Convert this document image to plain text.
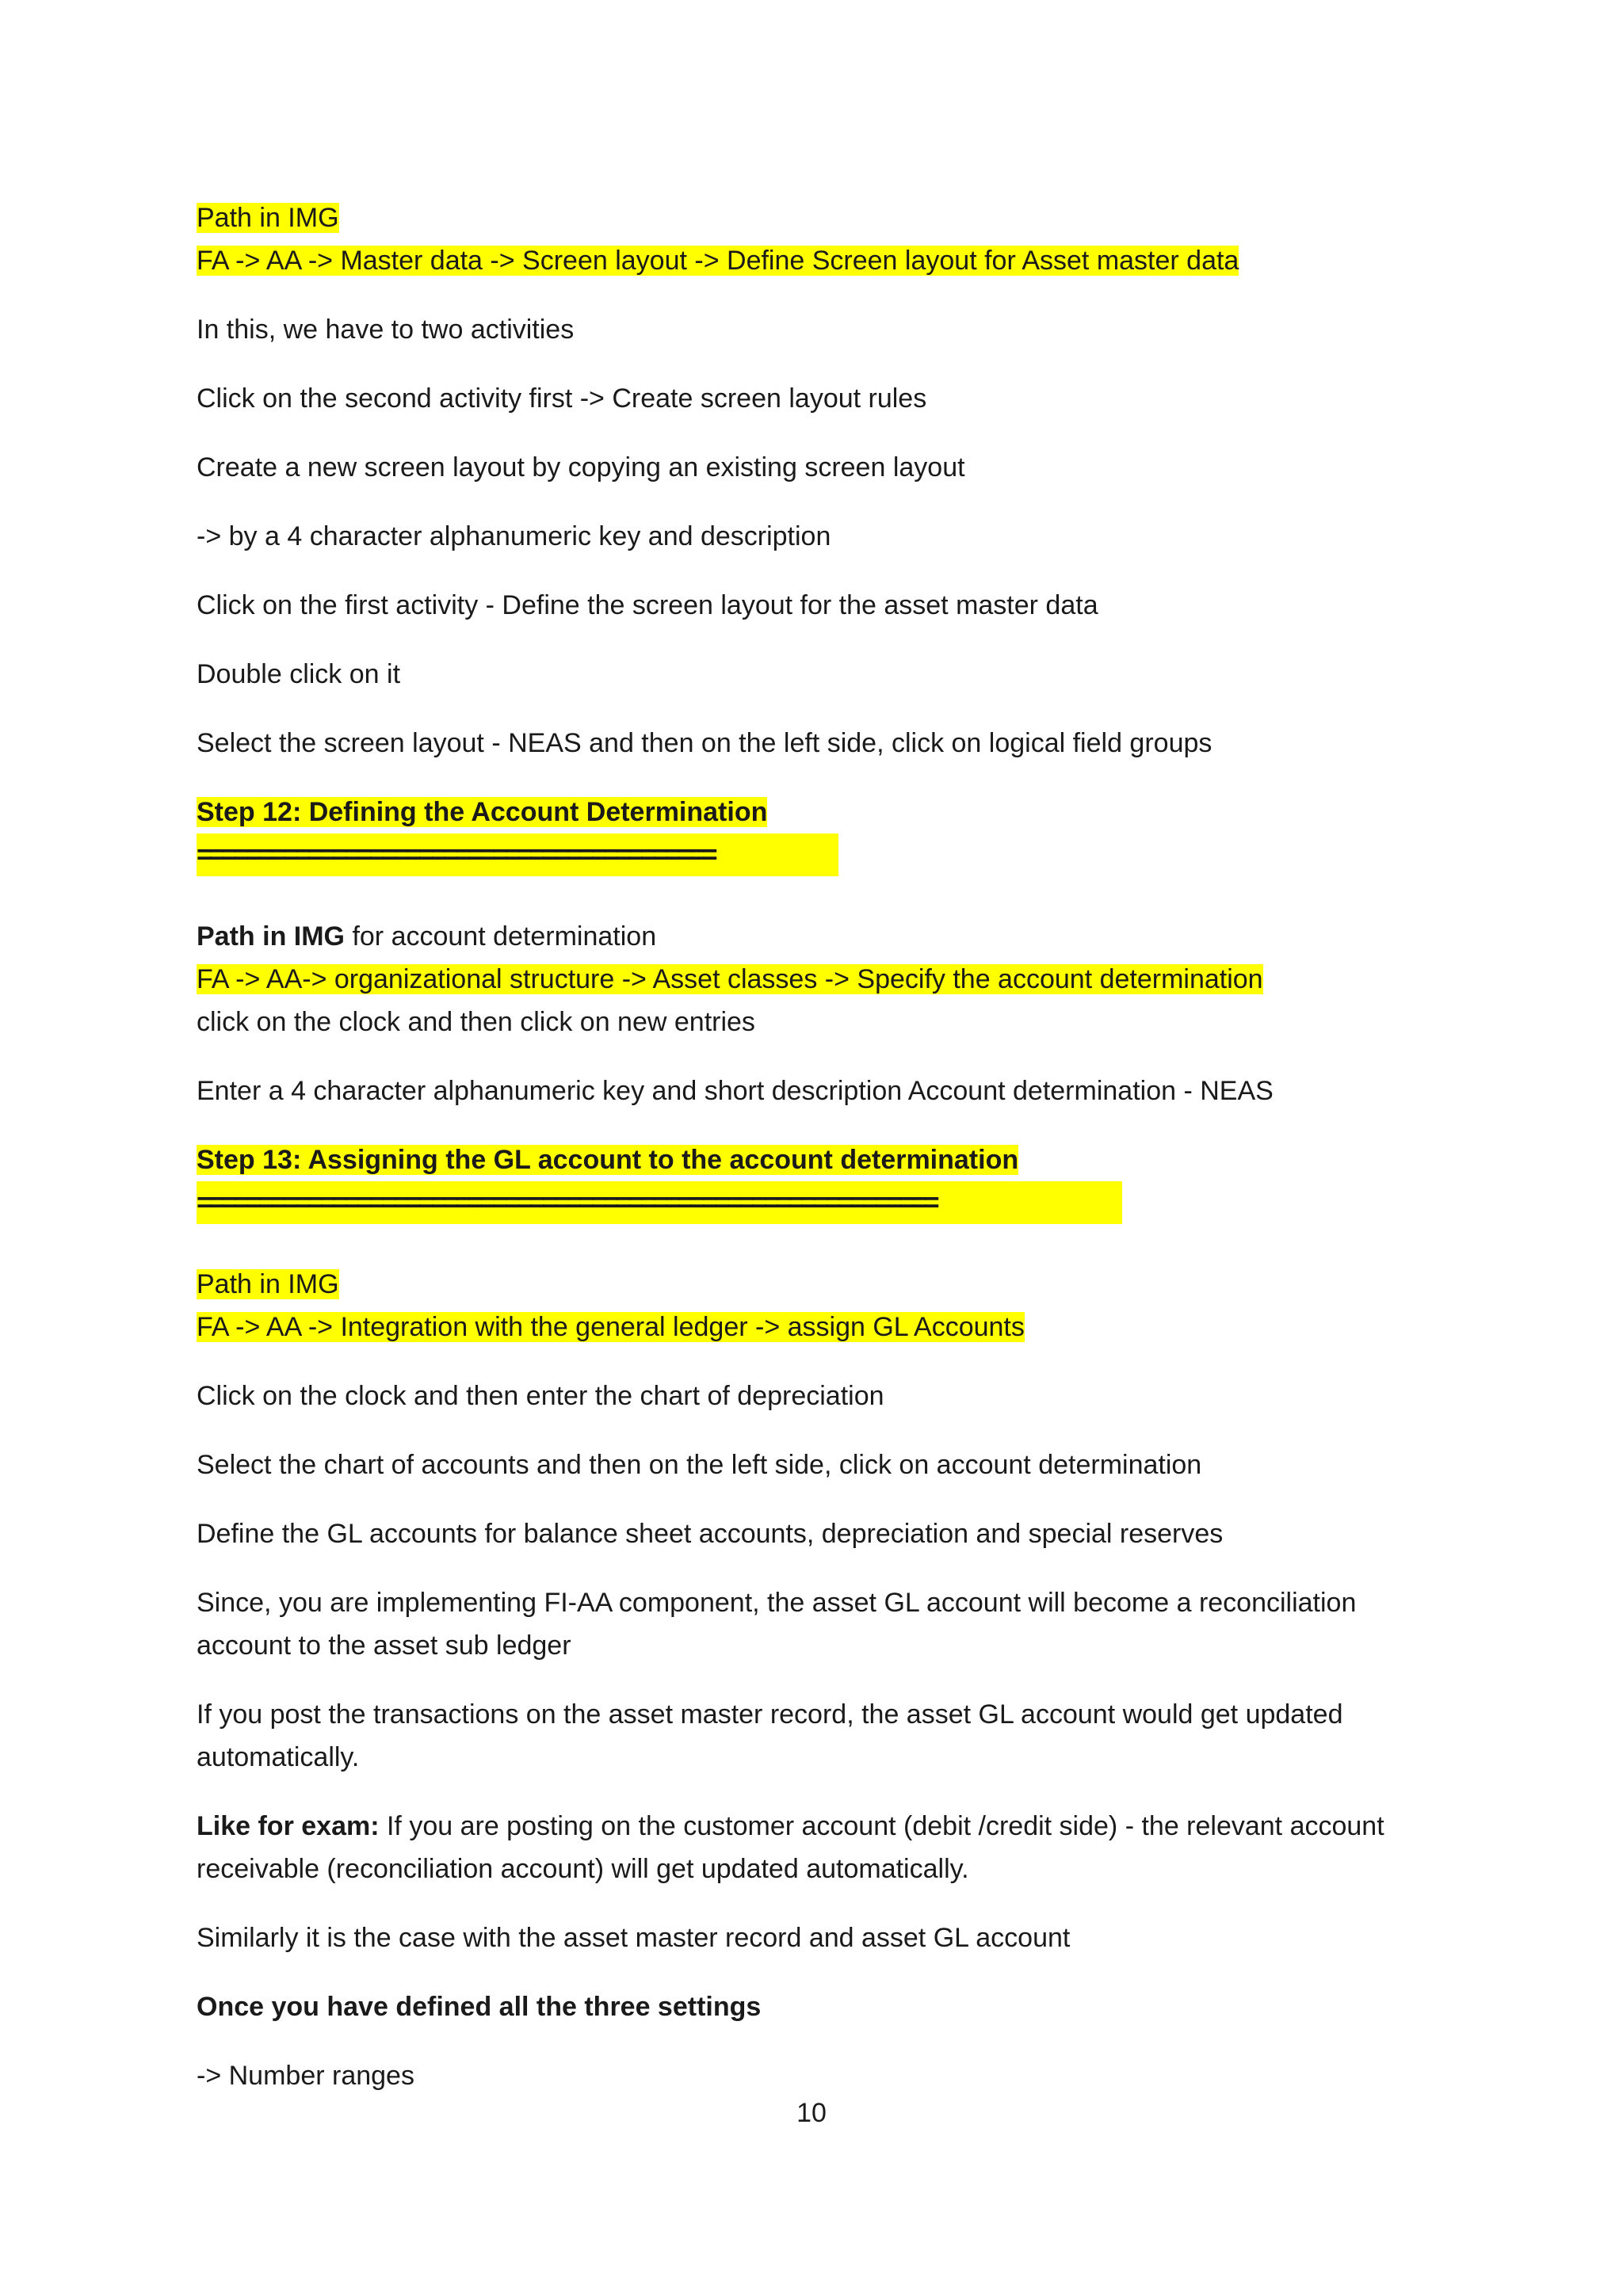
Path in IMG

FA -> AA -> Master data -> Screen layout -> Define Screen layout for Asset master data

In this, we have to two activities

Click on the second activity first -> Create screen layout rules

Create a new screen layout by copying an existing screen layout

-> by a 4 character alphanumeric key and description

Click on the first activity - Define the screen layout for the asset master data

Double click on it

Select the screen layout - NEAS and then on the left side, click on logical field groups

Step 12: Defining the Account Determination

==========================================

Path in IMG for account determination

FA -> AA-> organizational structure -> Asset classes -> Specify the account determination

click on the clock and then click on new entries

Enter a 4 character alphanumeric key and short description Account determination - NEAS

Step 13: Assigning the GL account to the account determination

============================================================

Path in IMG

FA -> AA -> Integration with the general ledger -> assign GL Accounts

Click on the clock and then enter the chart of depreciation

Select the chart of accounts and then on the left side, click on account determination

Define the GL accounts for balance sheet accounts, depreciation and special reserves

Since, you are implementing FI-AA component, the asset GL account will become a reconciliation

account to the asset sub ledger

If you post the transactions on the asset master record, the asset GL account would get updated

automatically.

Like for exam: If you are posting on the customer account (debit /credit side) - the relevant account

receivable (reconciliation account) will get updated automatically.

Similarly it is the case with the asset master record and asset GL account

Once you have defined all the three settings

-> Number ranges

10
